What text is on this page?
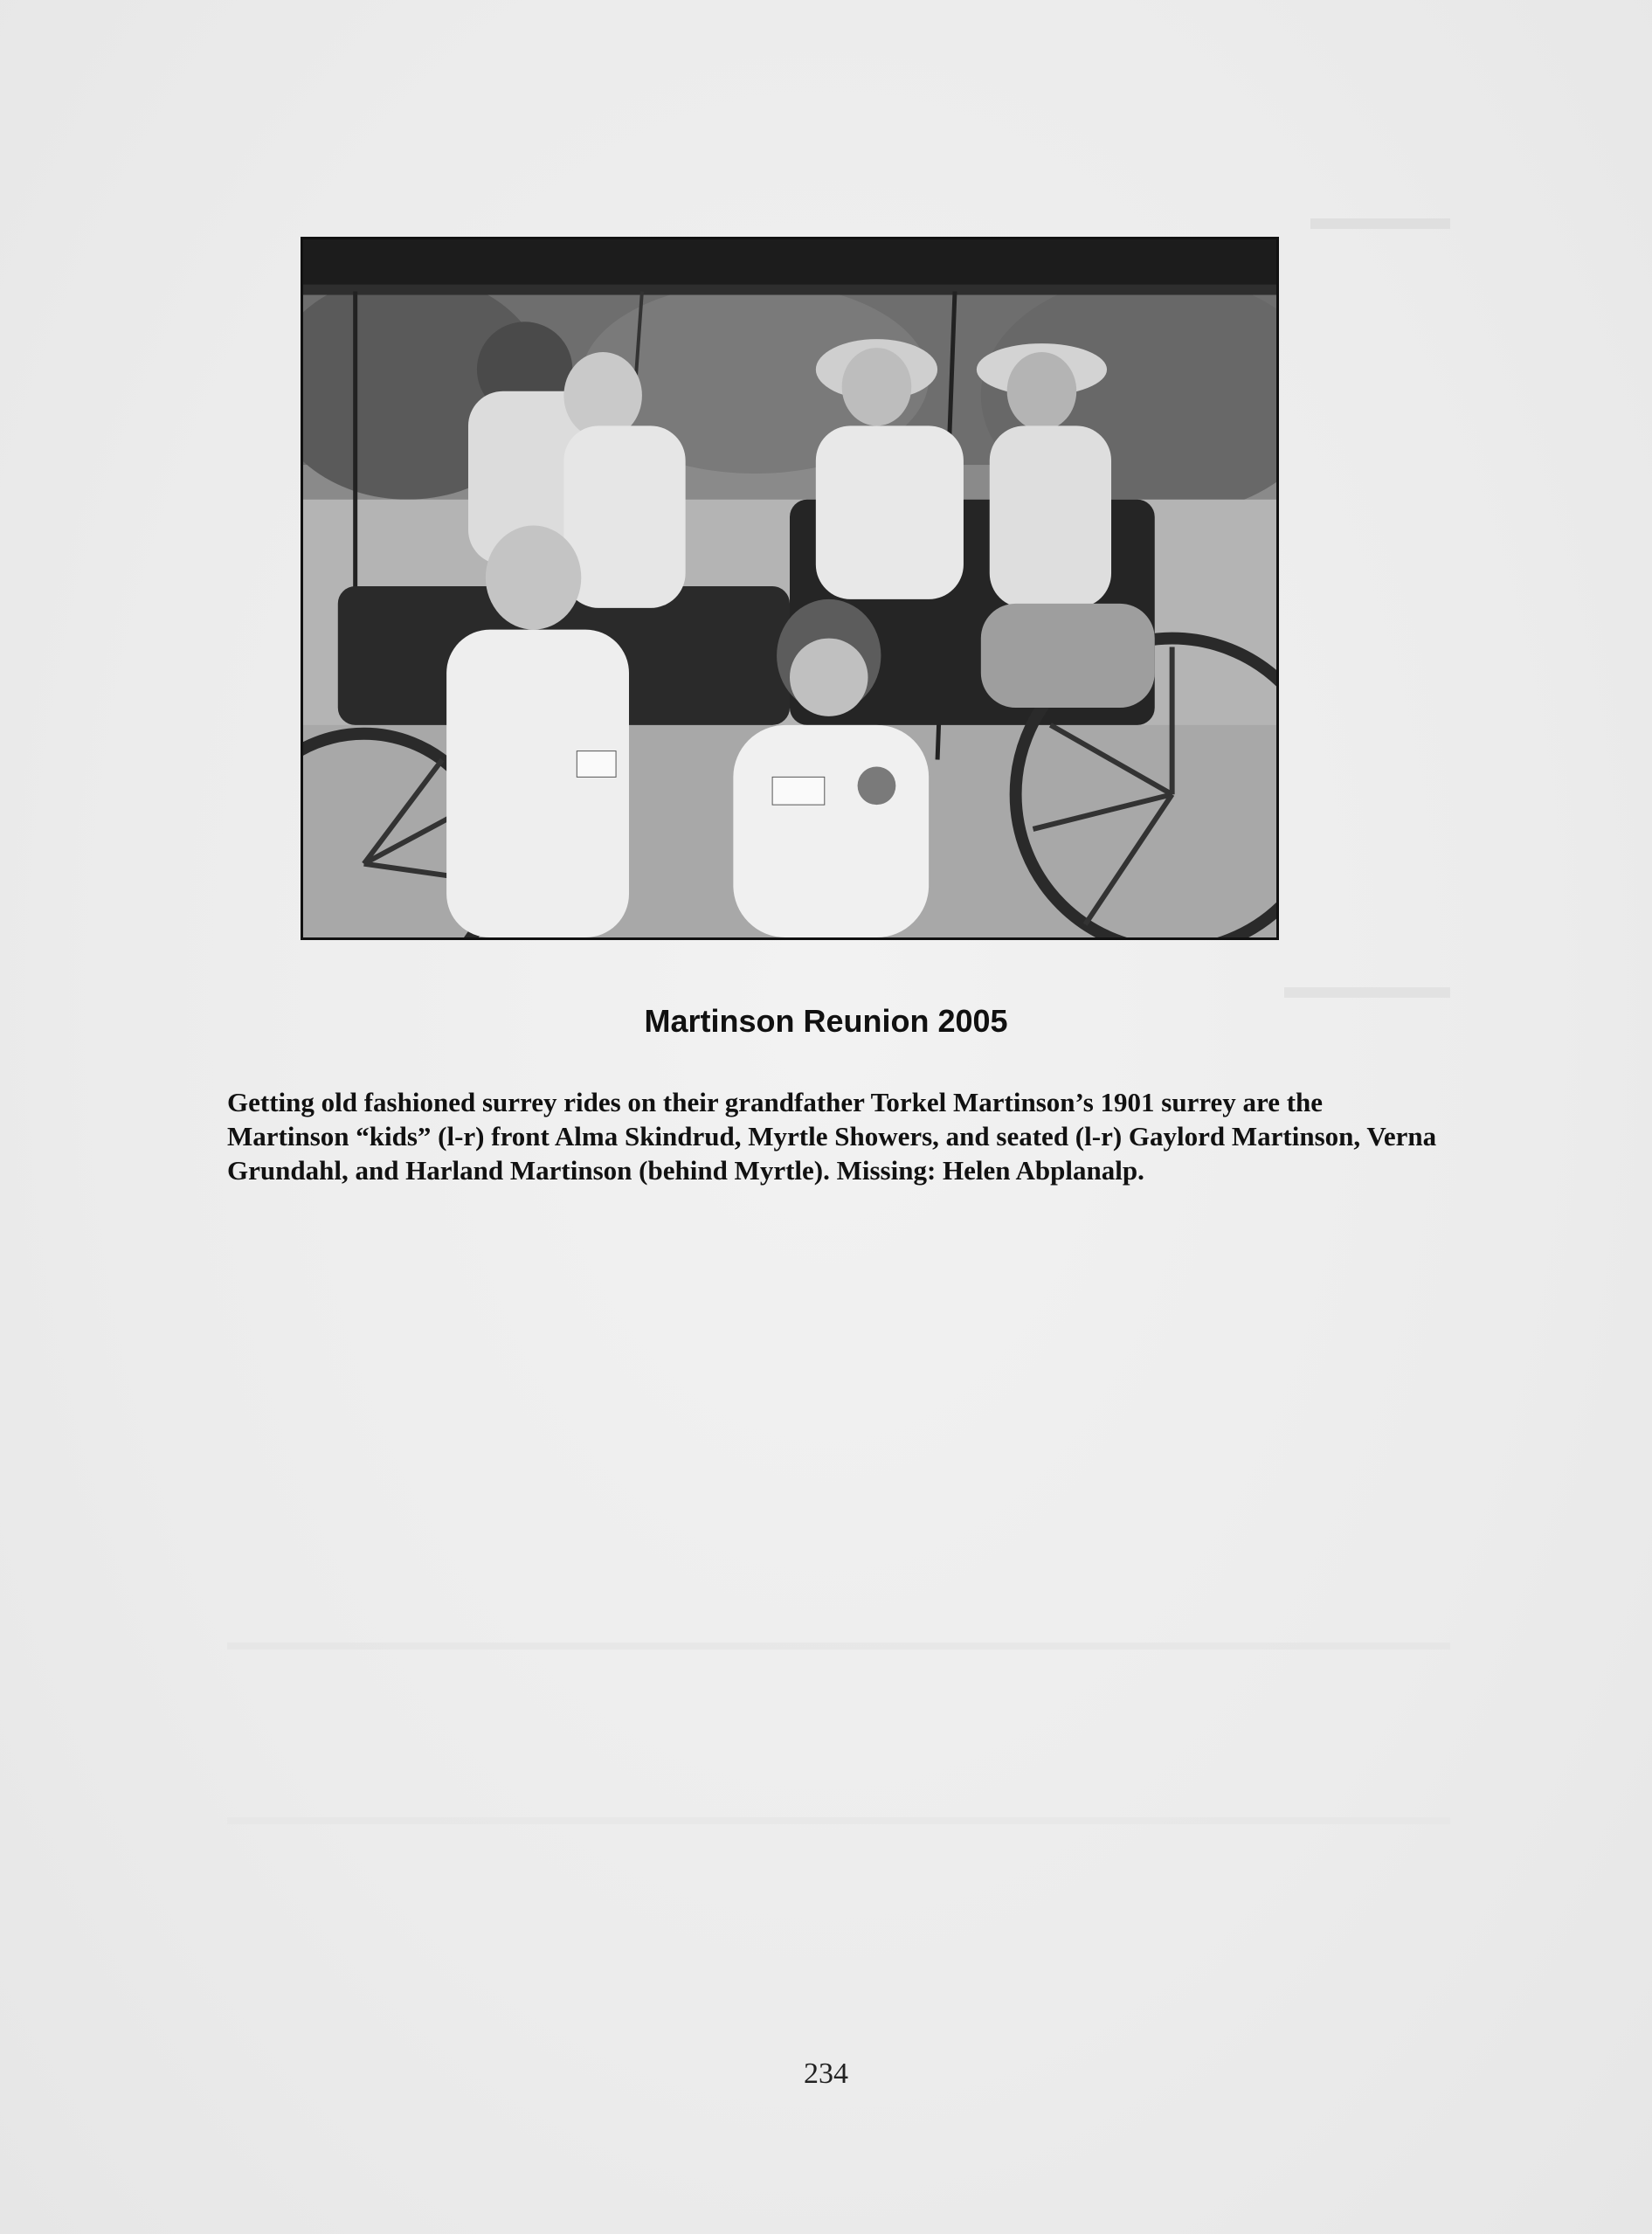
Martinson Reunion 2005
Getting old fashioned surrey rides on their grandfather Torkel Martinson’s 1901 surrey are the Martinson “kids” (l-r) front Alma Skindrud, Myrtle Showers, and seated (l-r) Gaylord Martinson, Verna Grundahl, and Harland Martinson (behind Myrtle). Missing: Helen Abplanalp.
234
